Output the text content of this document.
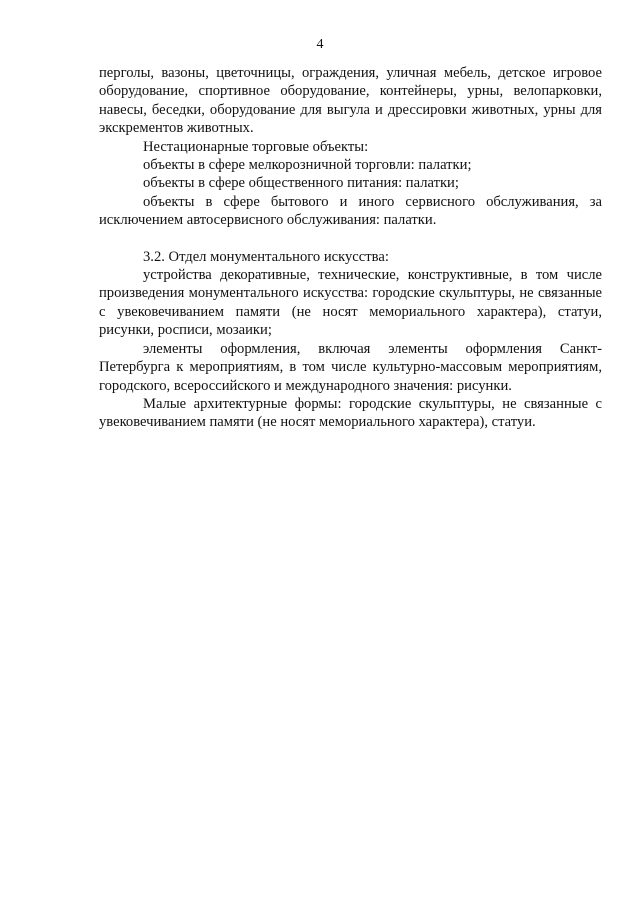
4

перголы, вазоны, цветочницы, ограждения, уличная мебель, детское игровое оборудование, спортивное оборудование, контейнеры, урны, велопарковки, навесы, беседки, оборудование для выгула и дрессировки животных, урны для экскрементов животных.

Нестационарные торговые объекты:

объекты в сфере мелкорозничной торговли: палатки;

объекты в сфере общественного питания: палатки;

объекты в сфере бытового и иного сервисного обслуживания, за исключением автосервисного обслуживания: палатки.

3.2. Отдел монументального искусства:

устройства декоративные, технические, конструктивные, в том числе произведения монументального искусства: городские скульптуры, не связанные с увековечиванием памяти (не носят мемориального характера), статуи, рисунки, росписи, мозаики;

элементы оформления, включая элементы оформления Санкт-Петербурга к мероприятиям, в том числе культурно-массовым мероприятиям, городского, всероссийского и международного значения: рисунки.

Малые архитектурные формы: городские скульптуры, не связанные с увековечиванием памяти (не носят мемориального характера), статуи.
